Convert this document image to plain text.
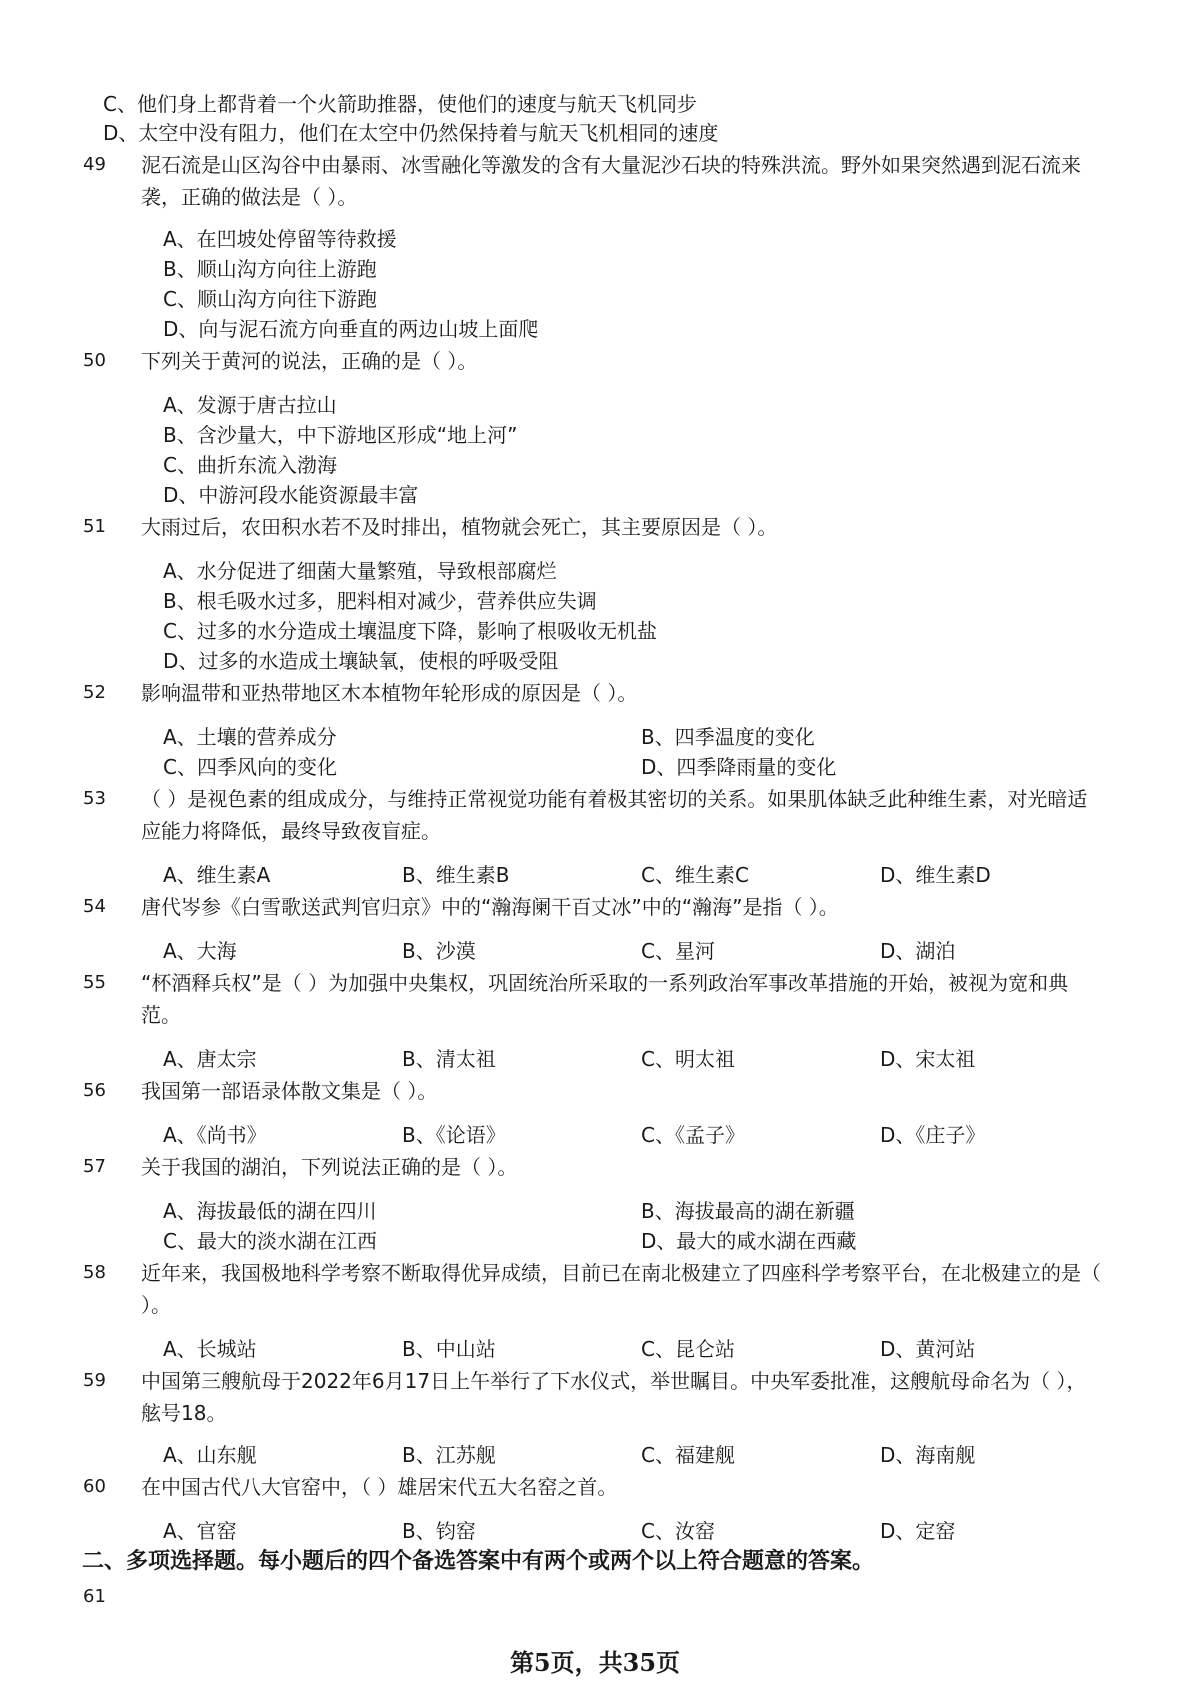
C、他们身上都背着一个火箭助推器，使他们的速度与航天飞机同步
D、太空中没有阻力，他们在太空中仍然保持着与航天飞机相同的速度
49 泥石流是山区沟谷中由暴雨、冰雪融化等激发的含有大量泥沙石块的特殊洪流。野外如果突然遇到泥石流来袭，正确的做法是（ ）。
A、在凹坡处停留等待救援
B、顺山沟方向往上游跑
C、顺山沟方向往下游跑
D、向与泥石流方向垂直的两边山坡上面爬
50 下列关于黄河的说法，正确的是（ ）。
A、发源于唐古拉山
B、含沙量大，中下游地区形成“地上河”
C、曲折东流入渤海
D、中游河段水能资源最丰富
51 大雨过后，农田积水若不及时排出，植物就会死亡，其主要原因是（ ）。
A、水分促进了细菌大量繁殖，导致根部腐烂
B、根毛吸水过多，肥料相对减少，营养供应失调
C、过多的水分造成土壤温度下降，影响了根吸收无机盐
D、过多的水造成土壤缺氧，使根的呼吸受阻
52 影响温带和亚热带地区木本植物年轮形成的原因是（ ）。
A、土壤的营养成分	B、四季温度的变化
C、四季风向的变化	D、四季降雨量的变化
53 （ ）是视色素的组成成分，与维持正常视觉功能有着极其密切的关系。如果肌体缺乏此种维生素，对光暗适应能力将降低，最终导致夜盲症。
A、维生素A	B、维生素B	C、维生素C	D、维生素D
54 唐代岑参《白雪歌送武判官归京》中的“瀚海阑干百丈冰”中的“瀚海”是指（ ）。
A、大海	B、沙漠	C、星河	D、湖泊
55 “杯酒释兵权”是（ ）为加强中央集权，巩固统治所采取的一系列政治军事改革措施的开始，被视为宽和典范。
A、唐太宗	B、清太祖	C、明太祖	D、宋太祖
56 我国第一部语录体散文集是（ ）。
A、《尚书》	B、《论语》	C、《孟子》	D、《庄子》
57 关于我国的湖泊，下列说法正确的是（ ）。
A、海拔最低的湖在四川	B、海拔最高的湖在新疆
C、最大的淡水湖在江西	D、最大的咸水湖在西藏
58 近年来，我国极地科学考察不断取得优异成绩，目前已在南北极建立了四座科学考察平台，在北极建立的是（ ）。
A、长城站	B、中山站	C、昆仑站	D、黄河站
59 中国第三艘航母于2022年6月17日上午举行了下水仪式，举世瞩目。中央军委批准，这艘航母命名为（ ），舷号18。
A、山东舰	B、江苏舰	C、福建舰	D、海南舰
60 在中国古代八大官窑中，（ ）雄居宋代五大名窑之首。
A、官窑	B、钧窑	C、汝窑	D、定窑
二、多项选择题。每小题后的四个备选答案中有两个或两个以上符合题意的答案。
61
第5页，共35页
